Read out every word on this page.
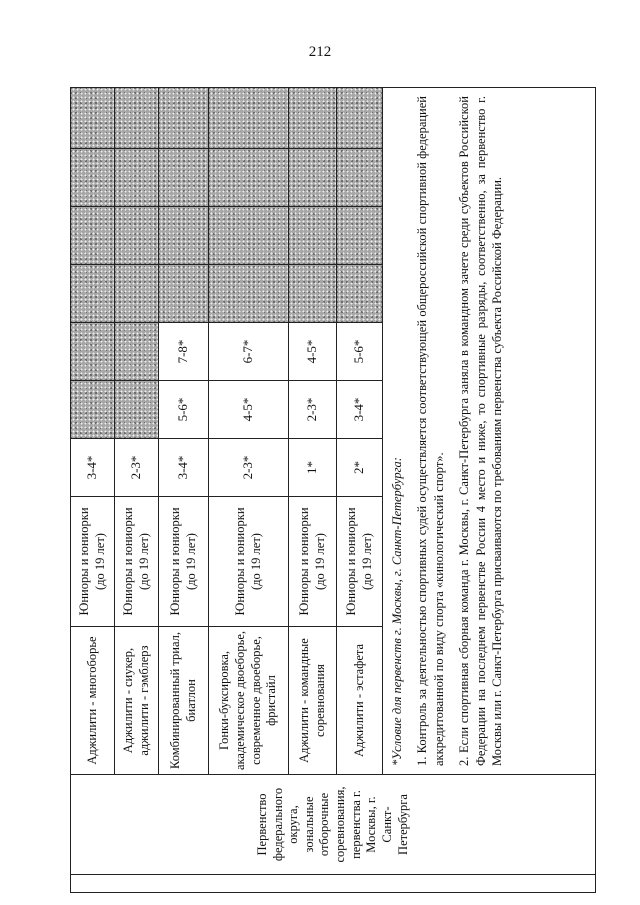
212
	Первенство федерального округа, зональные отборочные соревнования, первенства г. Москвы, г. Санкт-Петербурга	Аджилити - многоборье	Юниоры и юниорки (до 19 лет)	3-4*						
		Аджилити - сиукер, аджилити - гэмблерз	Юниоры и юниорки (до 19 лет)	2-3*						
		Комбинированный триал, биатлон	Юниоры и юниорки (до 19 лет)	3-4*	5-6*	7-8*				
		Гонки-буксировка, академическое двоеборье, современное двоеборье, фристайл	Юниоры и юниорки (до 19 лет)	2-3*	4-5*	6-7*				
		Аджилити - командные соревнования	Юниоры и юниорки (до 19 лет)	1*	2-3*	4-5*				
		Аджилити - эстафета	Юниоры и юниорки (до 19 лет)	2*	3-4*	5-6*				

		*Условие для первенств г. Москвы, г. Санкт-Петербурга: 1. Контроль за деятельностью спортивных судей осуществляется соответствующей общероссийской спортивной федерацией аккредитованной по виду спорта «кинологический спорт». 2. Если спортивная сборная команда г. Москвы, г. Санкт-Петербурга заняла в командном зачете среди субъектов Российской Федерации на последнем первенстве России 4 место и ниже, то спортивные разряды, соответственно, за первенство г. Москвы или г. Санкт-Петербурга присваиваются по требованиям первенства субъекта Российской Федерации.								
